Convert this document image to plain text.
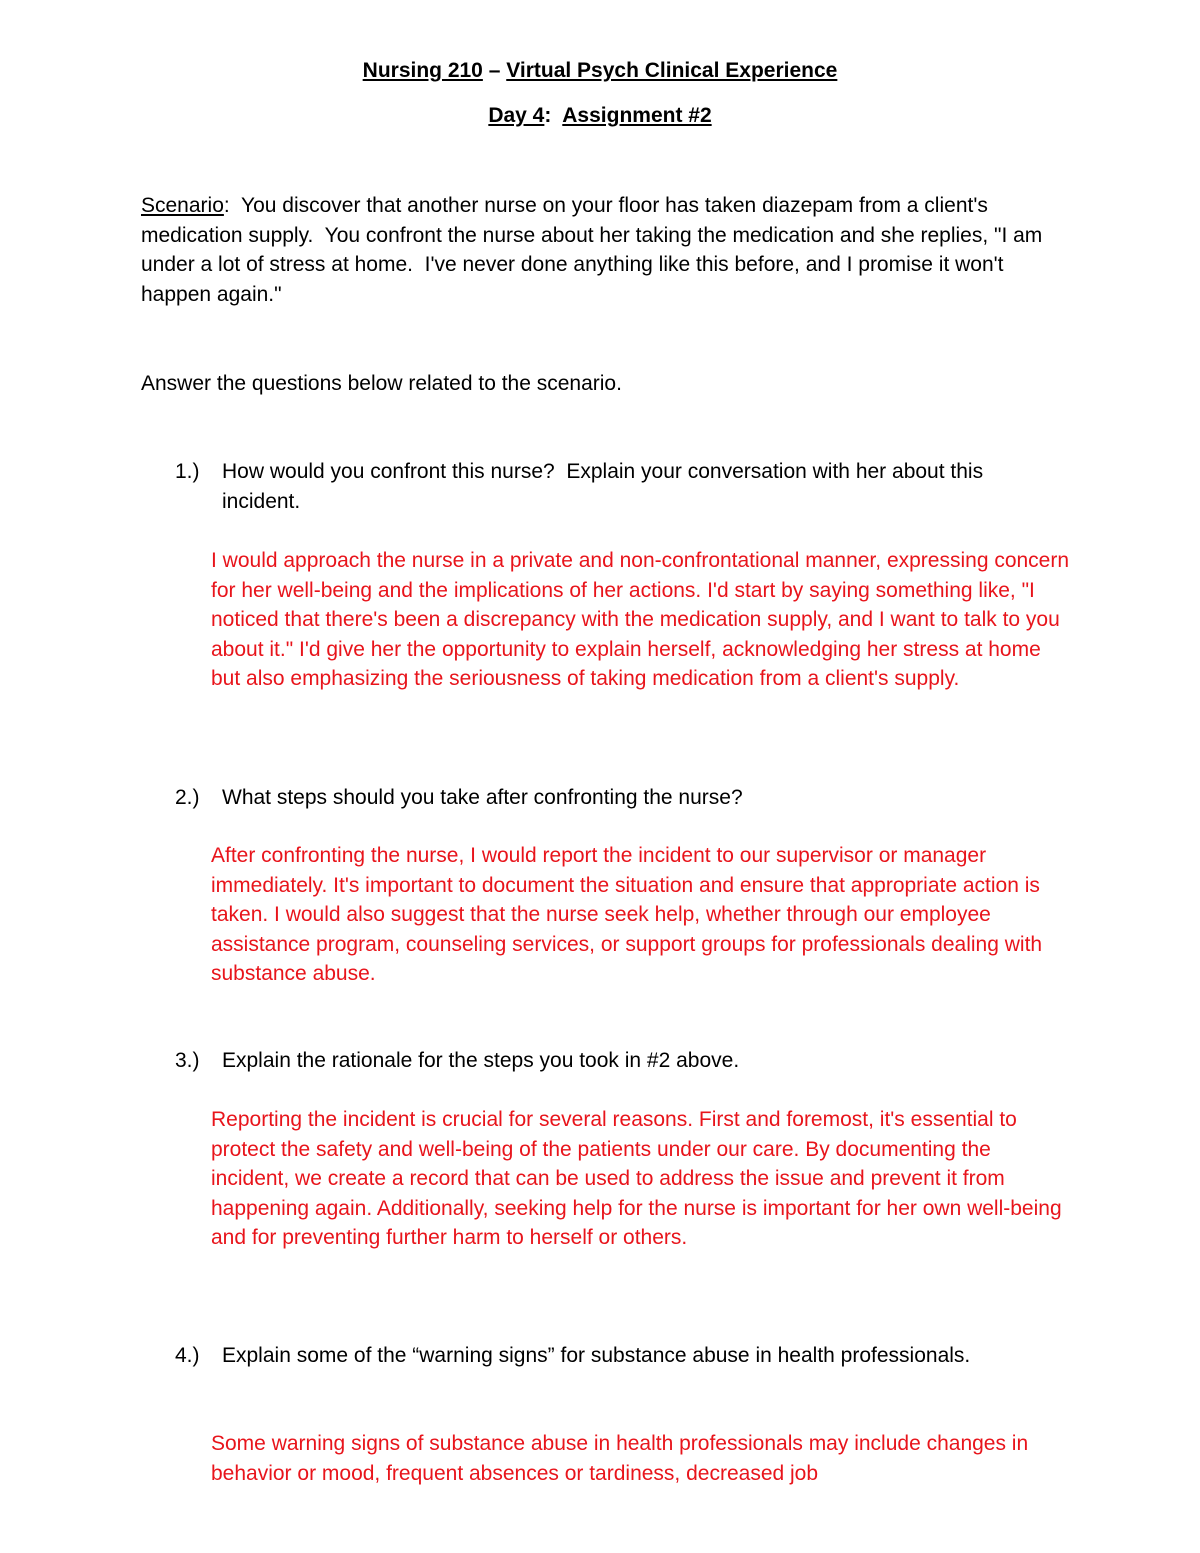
Nursing 210 – Virtual Psych Clinical Experience
Day 4:  Assignment #2
Scenario:  You discover that another nurse on your floor has taken diazepam from a client's medication supply.  You confront the nurse about her taking the medication and she replies, "I am under a lot of stress at home.  I've never done anything like this before, and I promise it won't happen again."
Answer the questions below related to the scenario.
1.) How would you confront this nurse?  Explain your conversation with her about this incident.
I would approach the nurse in a private and non-confrontational manner, expressing concern for her well-being and the implications of her actions. I'd start by saying something like, "I noticed that there's been a discrepancy with the medication supply, and I want to talk to you about it." I'd give her the opportunity to explain herself, acknowledging her stress at home but also emphasizing the seriousness of taking medication from a client's supply.
2.) What steps should you take after confronting the nurse?
After confronting the nurse, I would report the incident to our supervisor or manager immediately. It's important to document the situation and ensure that appropriate action is taken. I would also suggest that the nurse seek help, whether through our employee assistance program, counseling services, or support groups for professionals dealing with substance abuse.
3.) Explain the rationale for the steps you took in #2 above.
Reporting the incident is crucial for several reasons. First and foremost, it's essential to protect the safety and well-being of the patients under our care. By documenting the incident, we create a record that can be used to address the issue and prevent it from happening again. Additionally, seeking help for the nurse is important for her own well-being and for preventing further harm to herself or others.
4.) Explain some of the “warning signs” for substance abuse in health professionals.
Some warning signs of substance abuse in health professionals may include changes in behavior or mood, frequent absences or tardiness, decreased job
